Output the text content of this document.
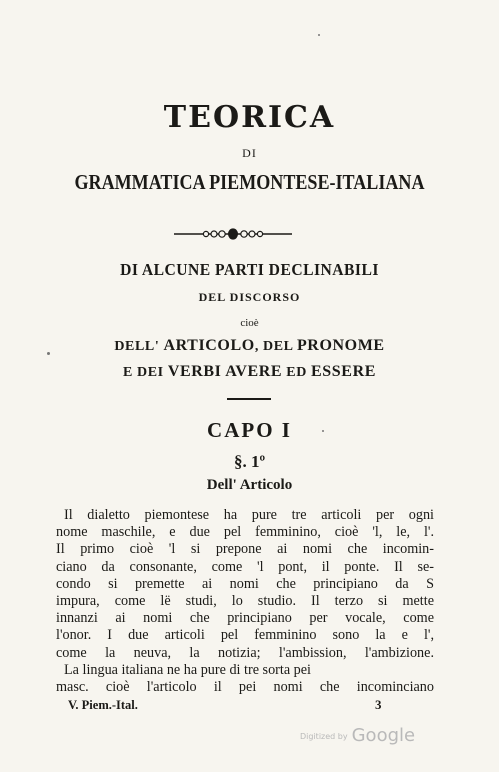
TEORICA
DI
GRAMMATICA PIEMONTESE-ITALIANA
DI ALCUNE PARTI DECLINABILI
DEL DISCORSO
cioè
DELL' ARTICOLO, DEL PRONOME
E DEI VERBI AVERE ED ESSERE
CAPO I
§. 1º
Dell' Articolo
Il dialetto piemontese ha pure tre articoli per ogni
nome maschile, e due pel femminino, cioè 'l, le, l'.
Il primo cioè 'l si prepone ai nomi che incomin-
ciano da consonante, come 'l pont, il ponte. Il se-
condo si premette ai nomi che principiano da S
impura, come lë studi, lo studio. Il terzo si mette
innanzi ai nomi che principiano per vocale, come
l'onor. I due articoli pel femminino sono la e l',
come la neuva, la notizia; l'ambission, l'ambizione.
La lingua italiana ne ha pure di tre sorta pei
masc. cioè l'articolo il pei nomi che incominciano
V. Piem.-Ital.	3
Digitized by Google
